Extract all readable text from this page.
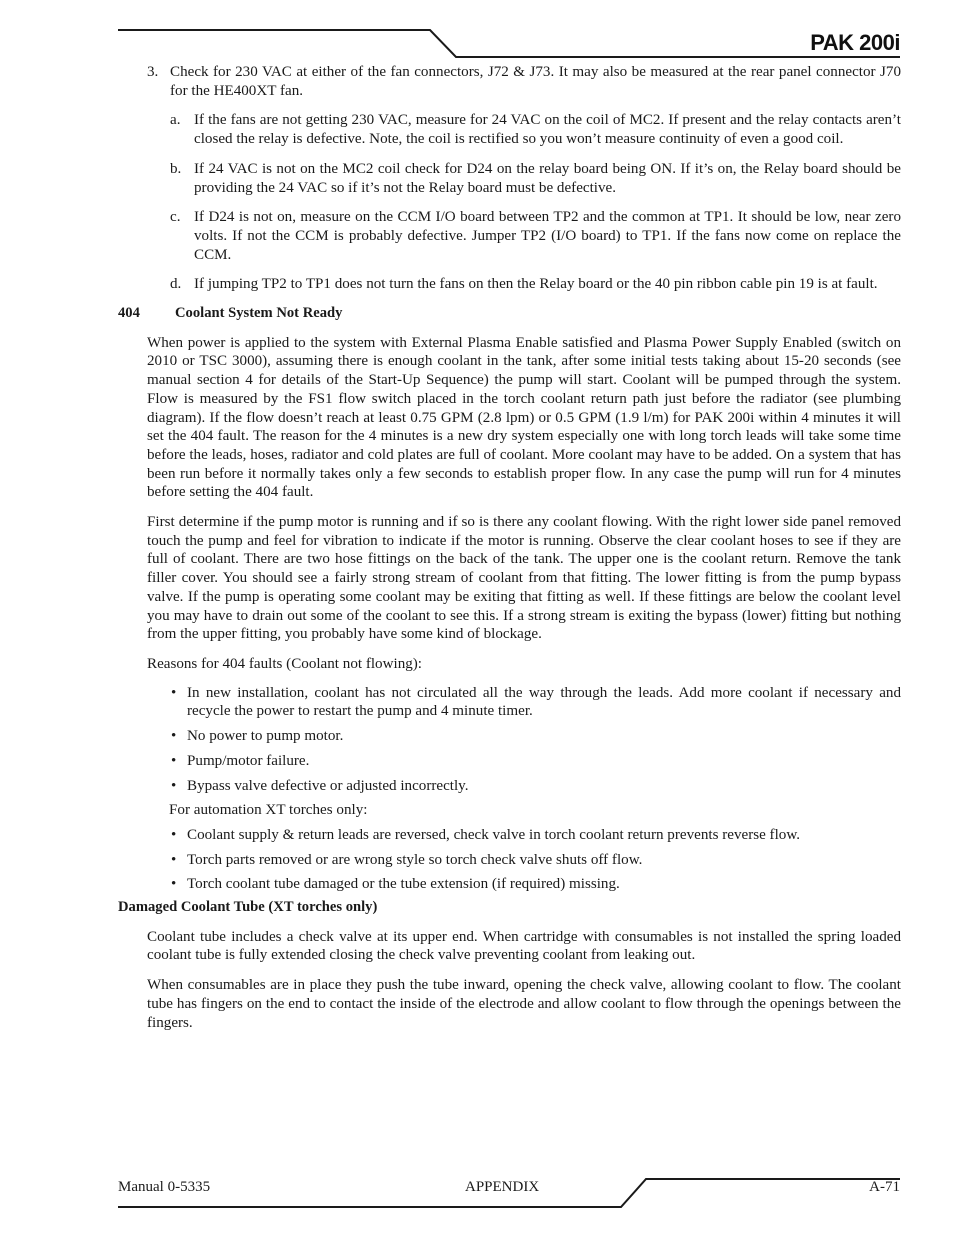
PAK 200i

3. Check for 230 VAC at either of the fan connectors, J72 & J73. It may also be measured at the rear panel connector J70 for the HE400XT fan.

a. If the fans are not getting 230 VAC, measure for 24 VAC on the coil of MC2. If present and the relay contacts aren’t closed the relay is defective. Note, the coil is rectified so you won’t measure continuity of even a good coil.

b. If 24 VAC is not on the MC2 coil check for D24 on the relay board being ON. If it’s on, the Relay board should be providing the 24 VAC so if it’s not the Relay board must be defective.

c. If D24 is not on, measure on the CCM I/O board between TP2 and the common at TP1. It should be low, near zero volts. If not the CCM is probably defective. Jumper TP2 (I/O board) to TP1. If the fans now come on replace the CCM.

d. If jumping TP2 to TP1 does not turn the fans on then the Relay board or the 40 pin ribbon cable pin 19 is at fault.

404 Coolant System Not Ready

When power is applied to the system with External Plasma Enable satisfied and Plasma Power Supply Enabled (switch on 2010 or TSC 3000), assuming there is enough coolant in the tank, after some initial tests taking about 15-20 seconds (see manual section 4 for details of the Start-Up Sequence) the pump will start. Coolant will be pumped through the system. Flow is measured by the FS1 flow switch placed in the torch coolant return path just before the radiator (see plumbing diagram). If the flow doesn’t reach at least 0.75 GPM (2.8 lpm) or 0.5 GPM (1.9 l/m) for PAK 200i within 4 minutes it will set the 404 fault. The reason for the 4 minutes is a new dry system especially one with long torch leads will take some time before the leads, hoses, radiator and cold plates are full of coolant. More coolant may have to be added. On a system that has been run before it normally takes only a few seconds to establish proper flow. In any case the pump will run for 4 minutes before setting the 404 fault.

First determine if the pump motor is running and if so is there any coolant flowing. With the right lower side panel removed touch the pump and feel for vibration to indicate if the motor is running. Observe the clear coolant hoses to see if they are full of coolant. There are two hose fittings on the back of the tank. The upper one is the coolant return. Remove the tank filler cover. You should see a fairly strong stream of coolant from that fitting. The lower fitting is from the pump bypass valve. If the pump is operating some coolant may be exiting that fitting as well. If these fittings are below the coolant level you may have to drain out some of the coolant to see this. If a strong stream is exiting the bypass (lower) fitting but nothing from the upper fitting, you probably have some kind of blockage.

Reasons for 404 faults (Coolant not flowing):

• In new installation, coolant has not circulated all the way through the leads. Add more coolant if necessary and recycle the power to restart the pump and 4 minute timer.
• No power to pump motor.
• Pump/motor failure.
• Bypass valve defective or adjusted incorrectly.

For automation XT torches only:

• Coolant supply & return leads are reversed, check valve in torch coolant return prevents reverse flow.
• Torch parts removed or are wrong style so torch check valve shuts off flow.
• Torch coolant tube damaged or the tube extension (if required) missing.
Damaged Coolant Tube (XT torches only)

Coolant tube includes a check valve at its upper end. When cartridge with consumables is not installed the spring loaded coolant tube is fully extended closing the check valve preventing coolant from leaking out.

When consumables are in place they push the tube inward, opening the check valve, allowing coolant to flow. The coolant tube has fingers on the end to contact the inside of the electrode and allow coolant to flow through the openings between the fingers.

Manual 0-5335	APPENDIX	A-71
